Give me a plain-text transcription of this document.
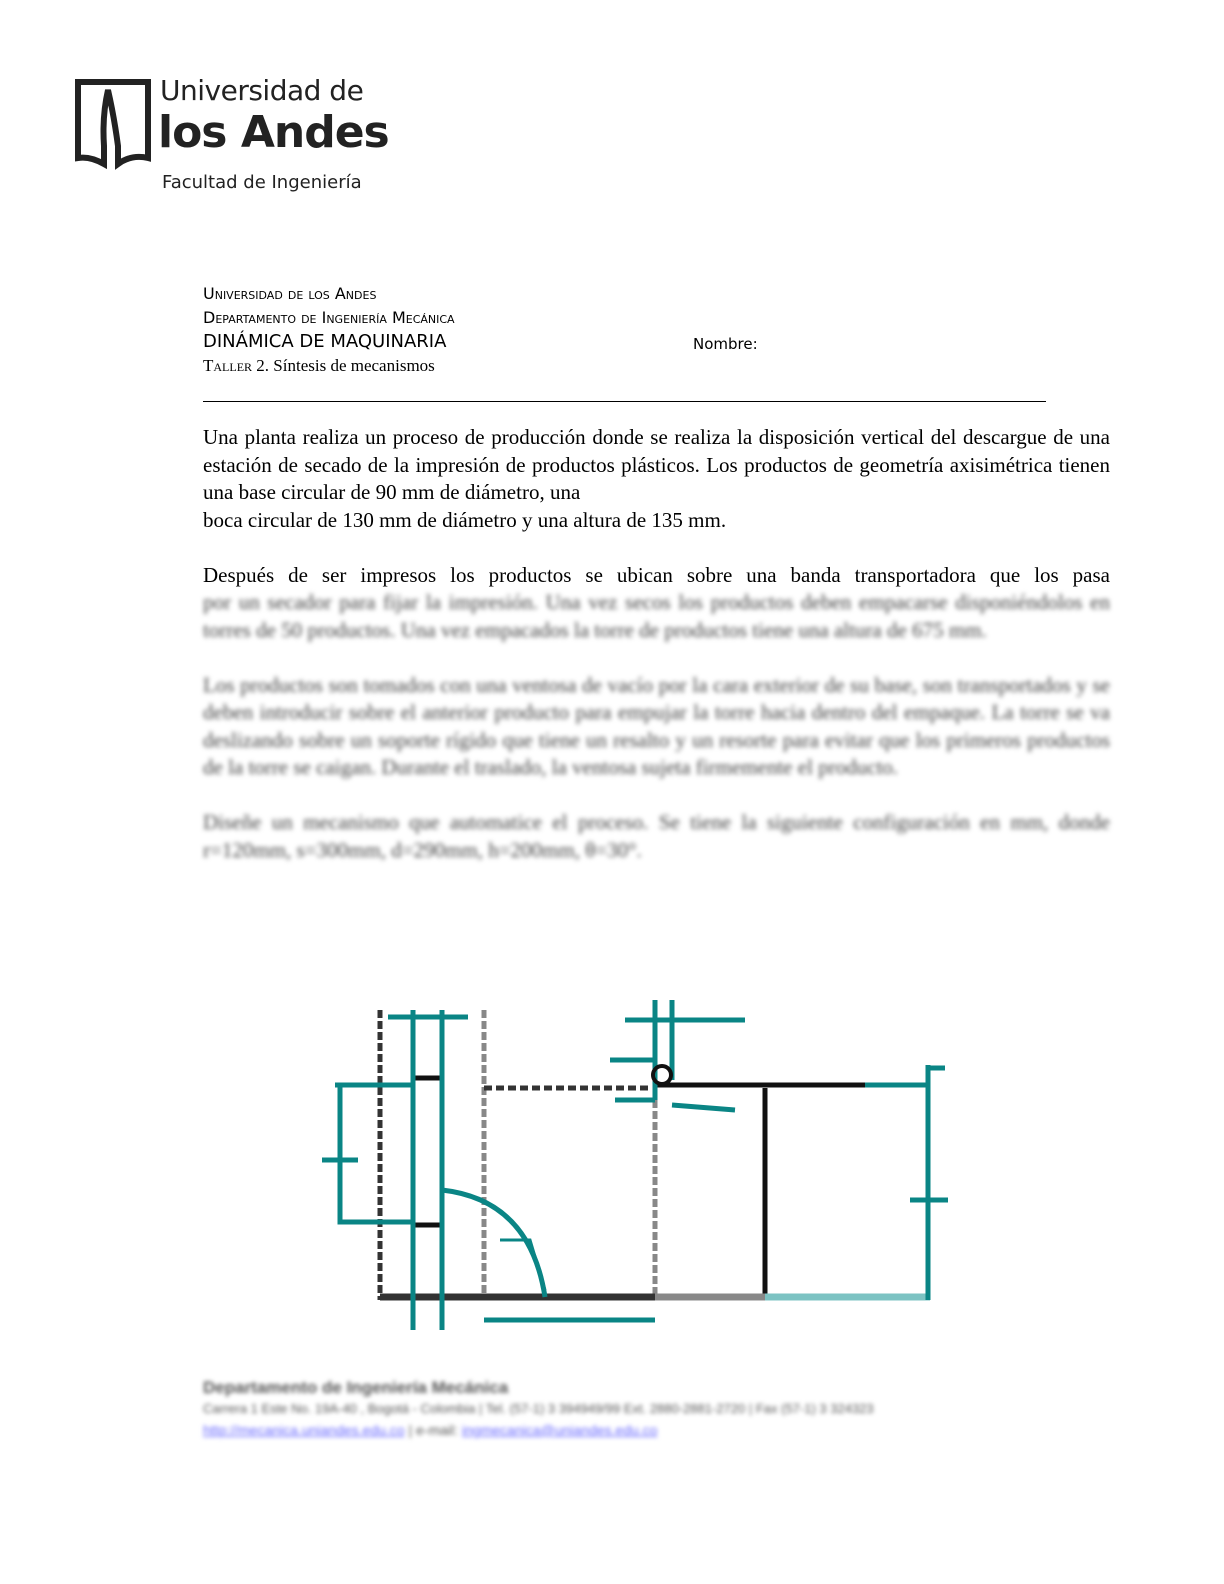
Universidad de
los Andes
Facultad de Ingeniería
Universidad de los Andes
Departamento de Ingeniería Mecánica
DINÁMICA DE MAQUINARIA	Nombre:
Taller 2. Síntesis de mecanismos

Una planta realiza un proceso de producción donde se realiza la disposición vertical del descargue de una estación de secado de la impresión de productos plásticos. Los productos de geometría axisimétrica tienen una base circular de 90 mm de diámetro, una
boca circular de 130 mm de diámetro y una altura de 135 mm.

Después de ser impresos los productos se ubican sobre una banda transportadora que los pasa

por un secador para fijar la impresión. Una vez secos los productos deben empacarse disponiéndolos en torres de 50 productos. Una vez empacados la torre de productos tiene una altura de 675 mm.

Los productos son tomados con una ventosa de vacío por la cara exterior de su base, son transportados y se deben introducir sobre el anterior producto para empujar la torre hacia dentro del empaque. La torre se va deslizando sobre un soporte rígido que tiene un resalto y un resorte para evitar que los primeros productos de la torre se caigan. Durante el traslado, la ventosa sujeta firmemente el producto.

Diseñe un mecanismo que automatice el proceso. Se tiene la siguiente configuración en mm, donde r=120mm, s=300mm, d=290mm, h=200mm, θ=30°.

Departamento de Ingeniería Mecánica
Carrera 1 Este No. 19A-40 , Bogotá - Colombia | Tel. (57-1) 3 394949/99 Ext. 2880-2881-2720 | Fax (57-1) 3 324323
http://mecanica.uniandes.edu.co | e-mail: ingmecanica@uniandes.edu.co
